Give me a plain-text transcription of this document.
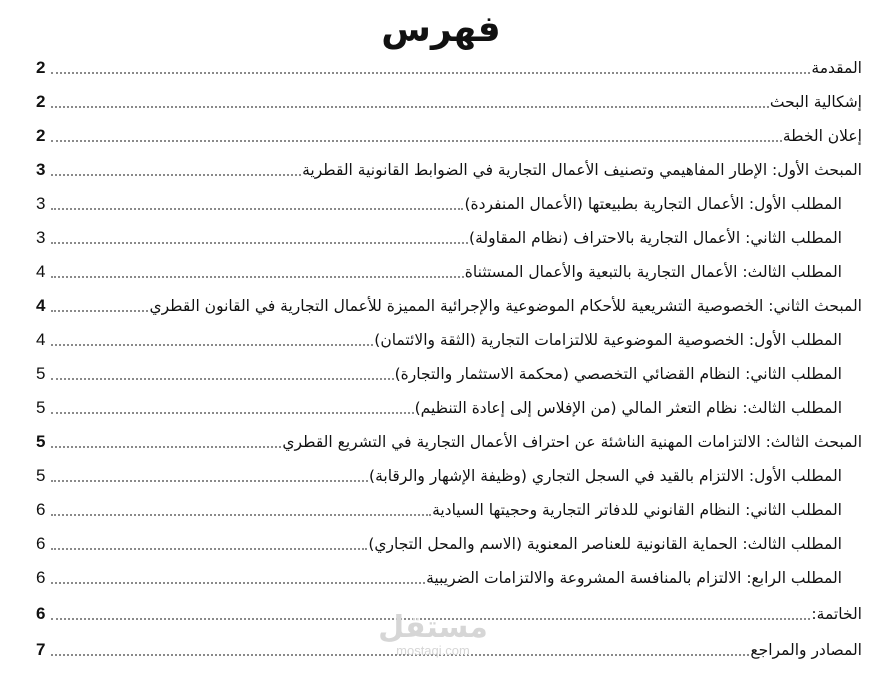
فهرس
المقدمة
2
إشكالية البحث
2
إعلان الخطة
2
المبحث الأول: الإطار المفاهيمي وتصنيف الأعمال التجارية في الضوابط القانونية القطرية
3
المطلب الأول: الأعمال التجارية بطبيعتها (الأعمال المنفردة)
3
المطلب الثاني: الأعمال التجارية بالاحتراف (نظام المقاولة)
3
المطلب الثالث: الأعمال التجارية بالتبعية والأعمال المستثناة
4
المبحث الثاني: الخصوصية التشريعية للأحكام الموضوعية والإجرائية المميزة للأعمال التجارية في القانون القطري
4
المطلب الأول: الخصوصية الموضوعية للالتزامات التجارية (الثقة والائتمان)
4
المطلب الثاني: النظام القضائي التخصصي (محكمة الاستثمار والتجارة)
5
المطلب الثالث: نظام التعثر المالي (من الإفلاس إلى إعادة التنظيم)
5
المبحث الثالث: الالتزامات المهنية الناشئة عن احتراف الأعمال التجارية في التشريع القطري
5
المطلب الأول: الالتزام بالقيد في السجل التجاري (وظيفة الإشهار والرقابة)
5
المطلب الثاني: النظام القانوني للدفاتر التجارية وحجيتها السيادية
6
المطلب الثالث: الحماية القانونية للعناصر المعنوية (الاسم والمحل التجاري)
6
المطلب الرابع: الالتزام بالمنافسة المشروعة والالتزامات الضريبية
6
الخاتمة:
6
المصادر والمراجع
7
مستقل
mostaqi.com
